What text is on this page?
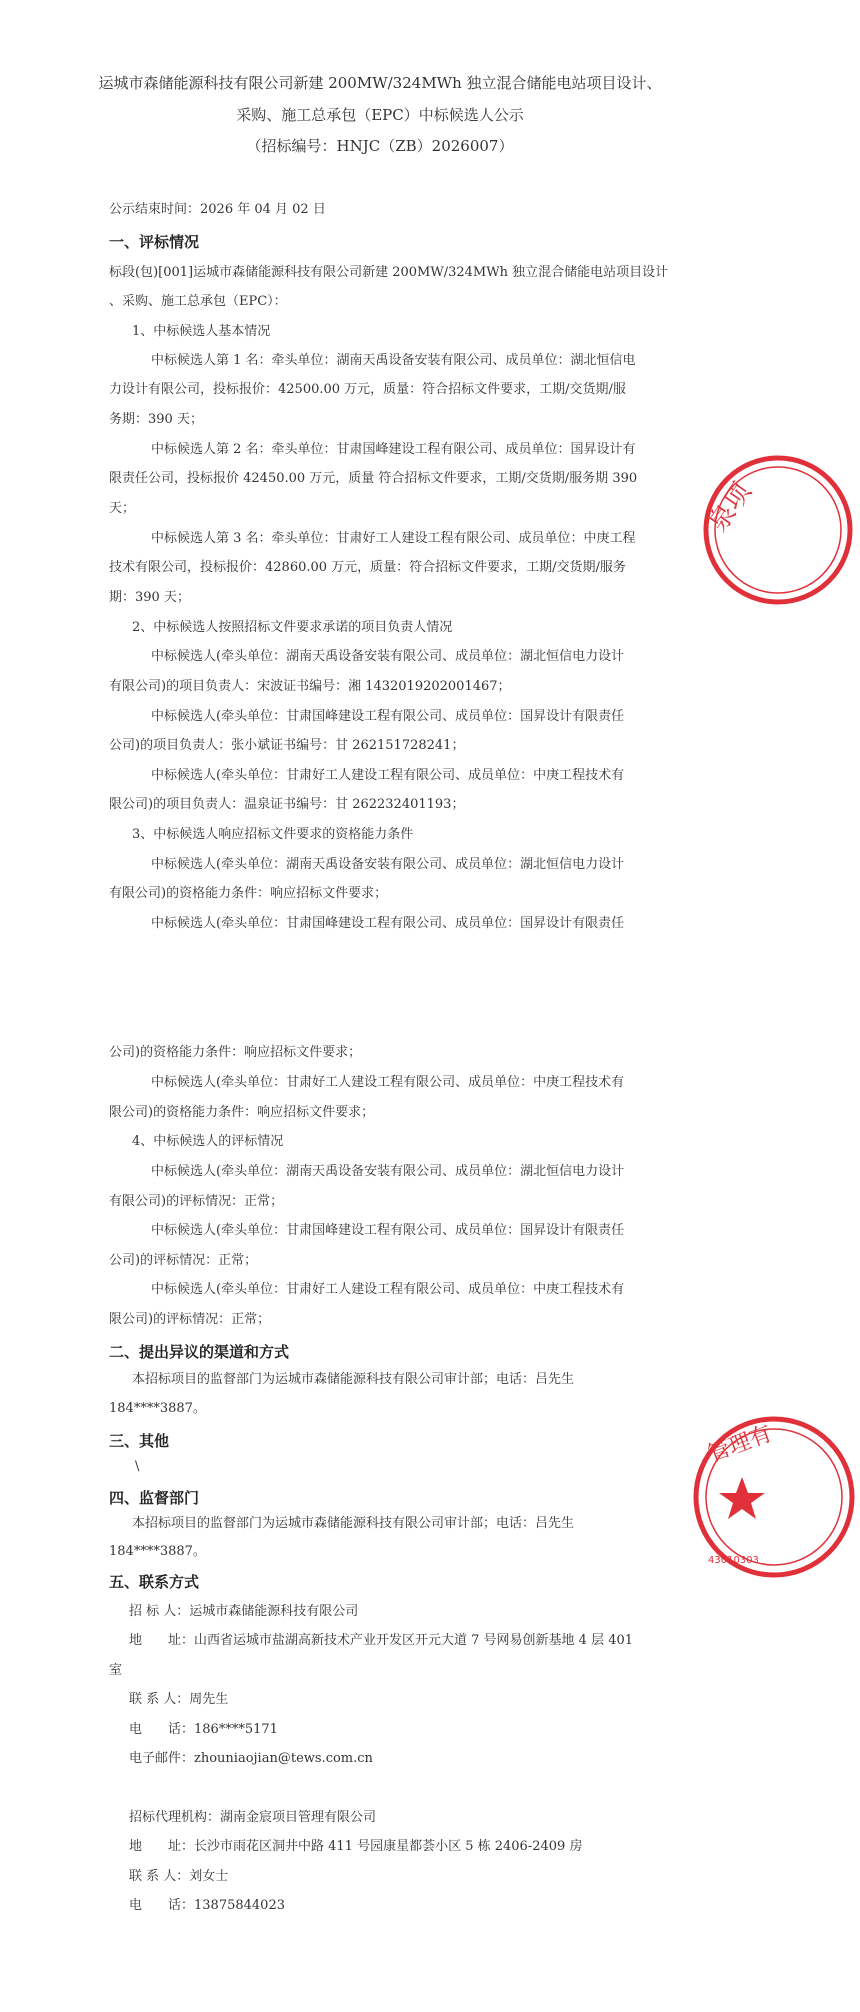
运城市森储能源科技有限公司新建 200MW/324MWh 独立混合储能电站项目设计、
采购、施工总承包（EPC）中标候选人公示
（招标编号：HNJC（ZB）2026007）
公示结束时间：2026 年 04 月 02 日
一、评标情况
标段(包)[001]运城市森储能源科技有限公司新建 200MW/324MWh 独立混合储能电站项目设计
、采购、施工总承包（EPC）：
1、中标候选人基本情况
中标候选人第 1 名：牵头单位：湖南天禹设备安装有限公司、成员单位：湖北恒信电
力设计有限公司，投标报价：42500.00 万元，质量：符合招标文件要求，工期/交货期/服
务期：390 天；
中标候选人第 2 名：牵头单位：甘肃国峰建设工程有限公司、成员单位：国昇设计有
限责任公司，投标报价 42450.00 万元，质量 符合招标文件要求，工期/交货期/服务期 390
天；
中标候选人第 3 名：牵头单位：甘肃好工人建设工程有限公司、成员单位：中庚工程
技术有限公司，投标报价：42860.00 万元，质量：符合招标文件要求，工期/交货期/服务
期：390 天；
2、中标候选人按照招标文件要求承诺的项目负责人情况
中标候选人(牵头单位：湖南天禹设备安装有限公司、成员单位：湖北恒信电力设计
有限公司)的项目负责人：宋波证书编号：湘 1432019202001467；
中标候选人(牵头单位：甘肃国峰建设工程有限公司、成员单位：国昇设计有限责任
公司)的项目负责人：张小斌证书编号：甘 262151728241；
中标候选人(牵头单位：甘肃好工人建设工程有限公司、成员单位：中庚工程技术有
限公司)的项目负责人：温泉证书编号：甘 262232401193；
3、中标候选人响应招标文件要求的资格能力条件
中标候选人(牵头单位：湖南天禹设备安装有限公司、成员单位：湖北恒信电力设计
有限公司)的资格能力条件：响应招标文件要求；
中标候选人(牵头单位：甘肃国峰建设工程有限公司、成员单位：国昇设计有限责任
公司)的资格能力条件：响应招标文件要求；
中标候选人(牵头单位：甘肃好工人建设工程有限公司、成员单位：中庚工程技术有
限公司)的资格能力条件：响应招标文件要求；
4、中标候选人的评标情况
中标候选人(牵头单位：湖南天禹设备安装有限公司、成员单位：湖北恒信电力设计
有限公司)的评标情况：正常；
中标候选人(牵头单位：甘肃国峰建设工程有限公司、成员单位：国昇设计有限责任
公司)的评标情况：正常；
中标候选人(牵头单位：甘肃好工人建设工程有限公司、成员单位：中庚工程技术有
限公司)的评标情况：正常；
二、提出异议的渠道和方式
本招标项目的监督部门为运城市森储能源科技有限公司审计部；电话：吕先生
184****3887。
三、其他
\
四、监督部门
本招标项目的监督部门为运城市森储能源科技有限公司审计部；电话：吕先生
184****3887。
五、联系方式
招 标 人：运城市森储能源科技有限公司
地　　址：山西省运城市盐湖高新技术产业开发区开元大道 7 号网易创新基地 4 层 401
室
联 系 人：周先生
电　　话：186****5171
电子邮件：zhouniaojian@tews.com.cn
招标代理机构：湖南金宸项目管理有限公司
地　　址：长沙市雨花区洞井中路 411 号园康星都荟小区 5 栋 2406-2409 房
联 系 人：刘女士
电　　话：13875844023
泉项
管理有
43010303
